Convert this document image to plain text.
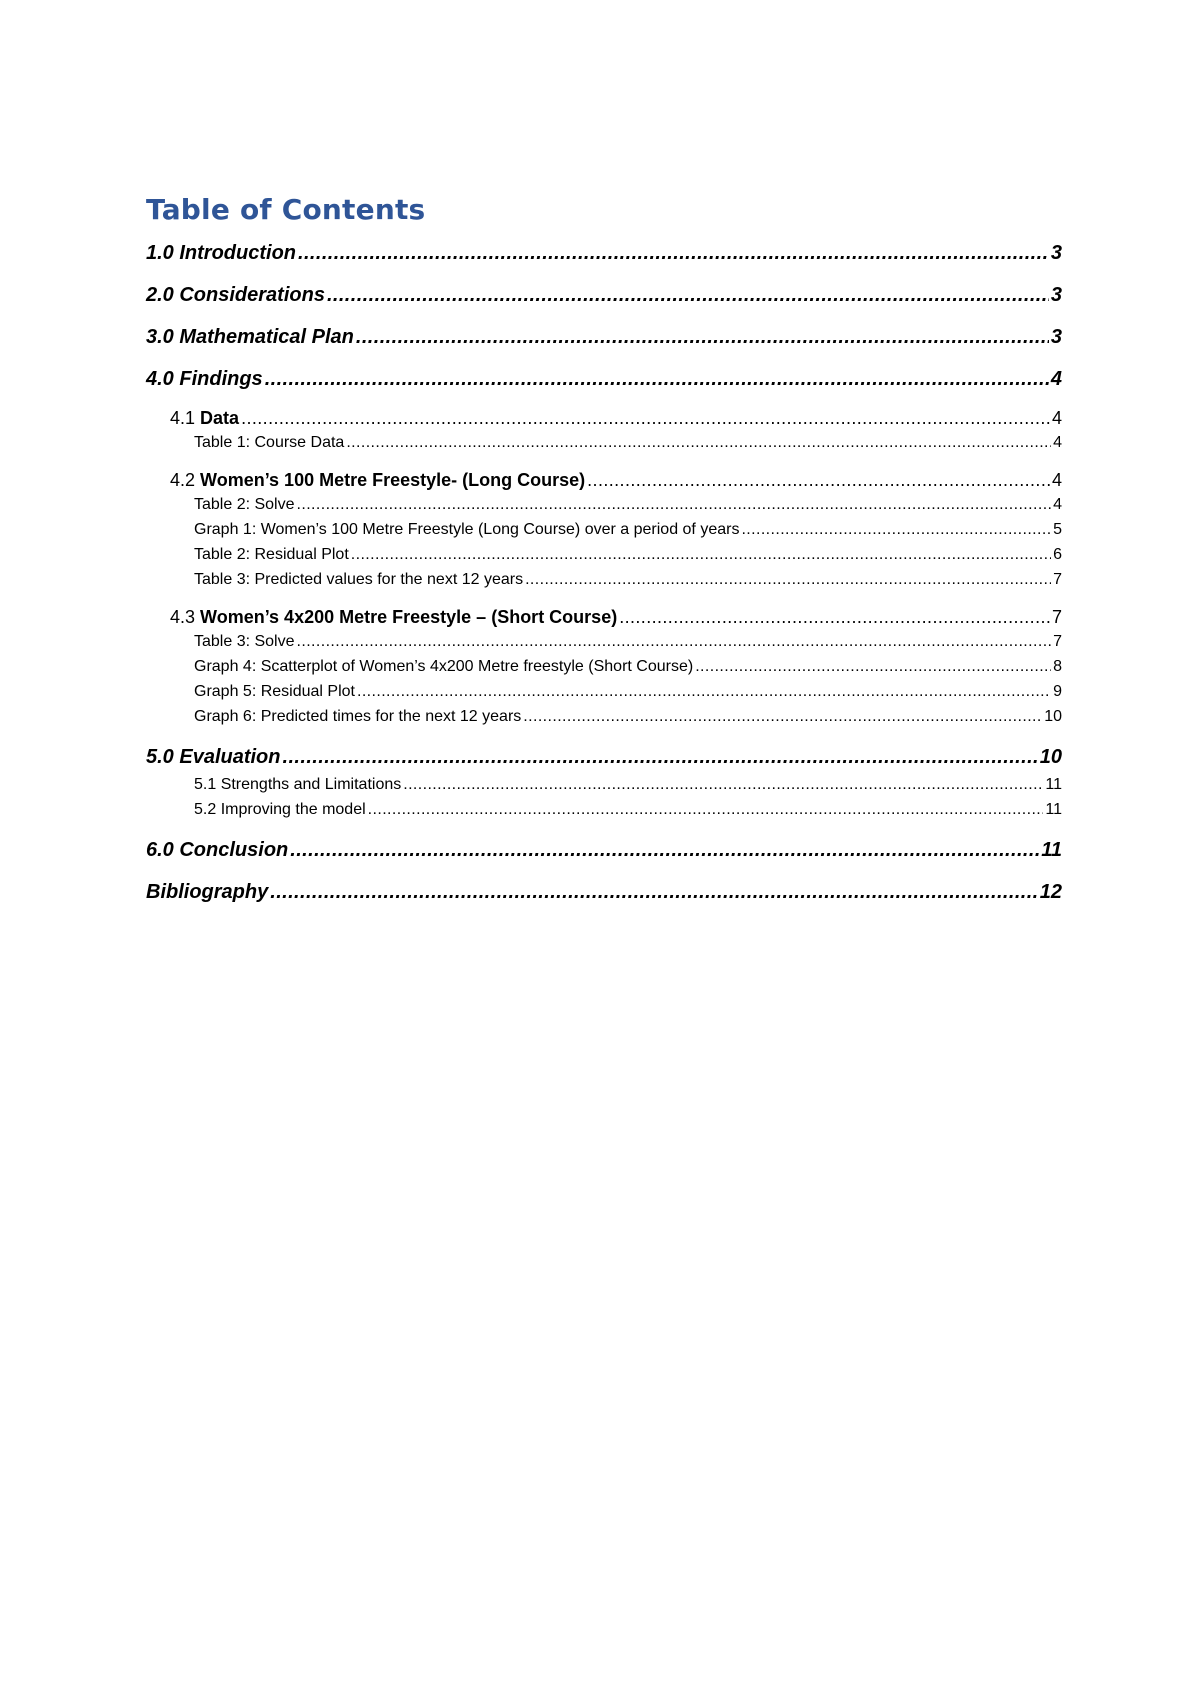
Table of Contents
1.0 Introduction .....	3
2.0 Considerations .....	3
3.0 Mathematical Plan .....	3
4.0 Findings .....	4
4.1 Data .....	4
Table 1: Course Data .....	4
4.2 Women’s 100 Metre Freestyle- (Long Course) .....	4
Table 2: Solve .....	4
Graph 1: Women’s 100 Metre Freestyle (Long Course) over a period of years .....	5
Table 2: Residual Plot .....	6
Table 3: Predicted values for the next 12 years .....	7
4.3 Women’s 4x200 Metre Freestyle – (Short Course) .....	7
Table 3: Solve .....	7
Graph 4: Scatterplot of Women’s 4x200 Metre freestyle (Short Course) .....	8
Graph 5: Residual Plot .....	9
Graph 6: Predicted times for the next 12 years .....	10
5.0 Evaluation .....	10
5.1 Strengths and Limitations .....	11
5.2 Improving the model .....	11
6.0 Conclusion .....	11
Bibliography .....	12
